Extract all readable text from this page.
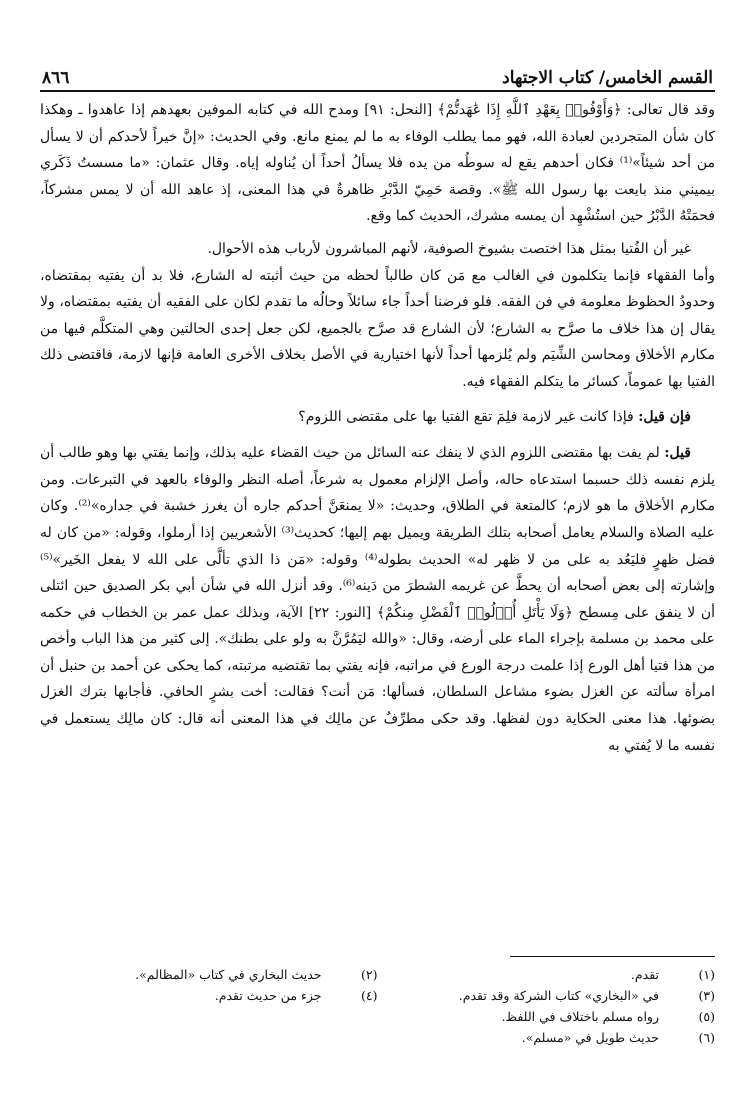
القسم الخامس/ كتاب الاجتهاد
٨٦٦

وقد قال تعالى: ﴿وَأَوْفُوا۟ بِعَهْدِ ٱللَّهِ إِذَا عَٰهَدتُّمْ﴾ [النحل: ٩١] ومدح الله في كتابه الموفين بعهدهم إذا عاهدوا ـ وهكذا كان شأن المتجردين لعبادة الله، فهو مما يطلب الوفاء به ما لم يمنع مانع. وفي الحديث: «إنَّ خيراً لأحدكم أن لا يسأل من أحد شيئاً»⁽¹⁾ فكان أحدهم يقع له سوطُه من يده فلا يسألُ أحداً أن يُناوله إياه. وقال عثمان: «ما مسستُ ذَكَري بيميني منذ بايعت بها رسول الله ﷺ». وقصة حَمِيّ الدَّبْرِ ظاهرةٌ في هذا المعنى، إذ عاهد الله أن لا يمس مشركاً، فحمَتْهُ الدَّبْرُ حين استُشْهِد أن يمسه مشرك، الحديث كما وقع.

غير أن الفُتيا بمثل هذا اختصت بشيوخ الصوفية، لأنهم المباشرون لأرباب هذه الأحوال.

وأما الفقهاء فإنما يتكلمون في الغالب مع مَن كان طالباً لحظه من حيث أثبته له الشارع، فلا بد أن يفتيه بمقتضاه، وحدودُ الحظوظ معلومة في فن الفقه. فلو فرضنا أحداً جاء سائلاً وحالُه ما تقدم لكان على الفقيه أن يفتيه بمقتضاه، ولا يقال إن هذا خلاف ما صرَّح به الشارع؛ لأن الشارع قد صرَّح بالجميع، لكن جعل إحدى الحالتين وهي المتكلَّم فيها من مكارم الأخلاق ومحاسن الشِّيَم ولم يُلزمها أحداً لأنها اختيارية في الأصل بخلاف الأخرى العامة فإنها لازمة، فاقتضى ذلك الفتيا بها عموماً، كسائر ما يتكلم الفقهاء فيه.

فإن قيل: فإذا كانت غير لازمة فلِمَ تقع الفتيا بها على مقتضى اللزوم؟

قيل: لم يفت بها مقتضى اللزوم الذي لا ينفك عنه السائل من حيث القضاء عليه بذلك، وإنما يفتي بها وهو طالب أن يلزم نفسه ذلك حسبما استدعاه حاله، وأصل الإلزام معمول به شرعاً، أصله النظر والوفاء بالعهد في التبرعات. ومن مكارم الأخلاق ما هو لازم؛ كالمتعة في الطلاق، وحديث: «لا يمنعَنَّ أحدكم جاره أن يغرز خشبة في جداره»⁽²⁾. وكان عليه الصلاة والسلام يعامل أصحابه بتلك الطريقة ويميل بهم إليها؛ كحديث⁽³⁾ الأشعريين إذا أرملوا، وقوله: «من كان له فضل ظهرٍ فليَعُد به على من لا ظهر له» الحديث بطوله⁽⁴⁾ وقوله: «مَن ذا الذي تألَّى على الله لا يفعل الخَير»⁽⁵⁾ وإشارته إلى بعض أصحابه أن يحطَّ عن غريمه الشطرَ من دَينه⁽⁶⁾. وقد أنزل الله في شأن أبي بكر الصديق حين ائتلى أن لا ينفق على مِسطح ﴿وَلَا يَأْتَلِ أُو۟لُوا۟ ٱلْفَضْلِ مِنكُمْ﴾ [النور: ٢٢] الآية، وبذلك عمل عمر بن الخطاب في حكمه على محمد بن مسلمة بإجراء الماء على أرضه، وقال: «والله ليَمُرَّنَّ به ولو على بطنك». إلى كثير من هذا الباب وأخص من هذا فتيا أهل الورع إذا علمت درجة الورع في مراتبه، فإنه يفتي بما تقتضيه مرتبته، كما يحكى عن أحمد بن حنبل أن امرأة سألته عن الغزل بضوء مشاعل السلطان، فسألها: مَن أنت؟ فقالت: أخت بشرٍ الحافي. فأجابها بترك الغزل بضوئها. هذا معنى الحكاية دون لفظها. وقد حكى مطرِّفٌ عن مالِك في هذا المعنى أنه قال: كان مالِك يستعمل في نفسه ما لا يُفتي به

(١)
تقدم.
(٢)
حديث البخاري في كتاب «المظالم».
(٣)
في «البخاري» كتاب الشركة وقد تقدم.
(٤)
جزء من حديث تقدم.
(٥)
رواه مسلم باختلاف في اللفظ.
(٦)
حديث طويل في «مسلم».
